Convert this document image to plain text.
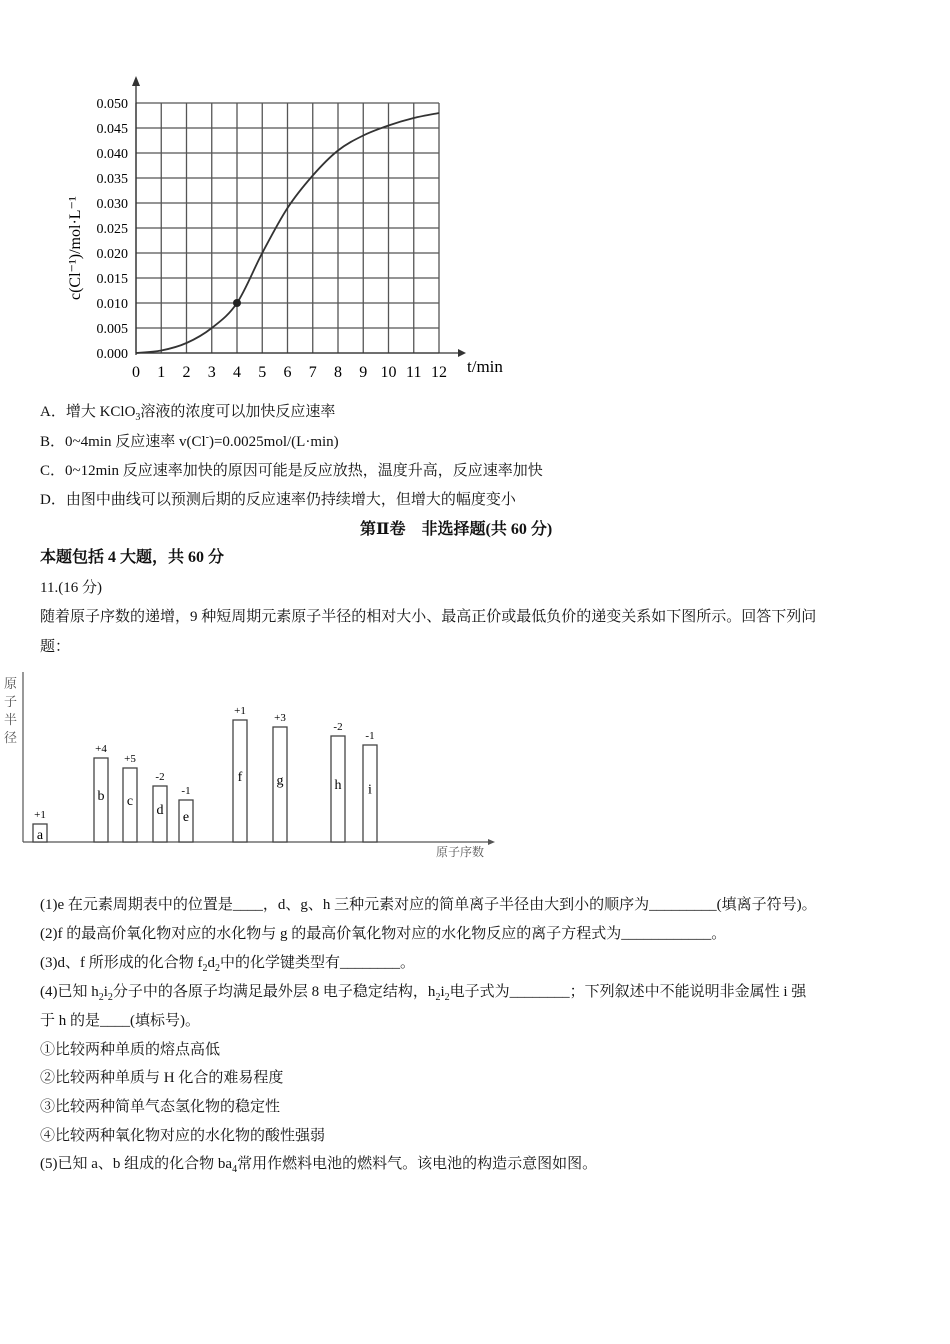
0.000
0.005
0.010
0.015
0.020
0.025
0.030
0.035
0.040
0.045
0.050
0 1 2 3 4 5 6 7 8 9 10 11 12 t/min
c(Cl⁻¹)/mol·L⁻¹
原
子
半
径
原子序数
+1
a
+4
b
+5
c
-2
d
-1
e
+1
f
+3
g
-2
h
-1
i
A．增大 KClO$_3$溶液的浓度可以加快反应速率
B．0~4min 反应速率 v(Cl-)=0.0025mol/(L·min)
C．0~12min 反应速率加快的原因可能是反应放热，温度升高，反应速率加快
D．由图中曲线可以预测后期的反应速率仍持续增大，但增大的幅度变小
第Ⅱ卷　非选择题(共 60 分)
本题包括 4 大题，共 60 分
11.(16 分)
随着原子序数的递增，9 种短周期元素原子半径的相对大小、最高正价或最低负价的递变关系如下图所示。回答下列问
题：
(1)e 在元素周期表中的位置是____，d、g、h 三种元素对应的简单离子半径由大到小的顺序为_________(填离子符号)。
(2)f 的最高价氧化物对应的水化物与 g 的最高价氧化物对应的水化物反应的离子方程式为____________。
(3)d、f 所形成的化合物 $f_2d_2$中的化学键类型有________。
(4)已知 $h_2i_2$分子中的各原子均满足最外层 8 电子稳定结构，$h_2i_2$电子式为________；下列叙述中不能说明非金属性 i 强
于 h 的是____(填标号)。
①比较两种单质的熔点高低
②比较两种单质与 H 化合的难易程度
③比较两种简单气态氢化物的稳定性
④比较两种氧化物对应的水化物的酸性强弱
(5)已知 a、b 组成的化合物 $ba_4$常用作燃料电池的燃料气。该电池的构造示意图如图。
